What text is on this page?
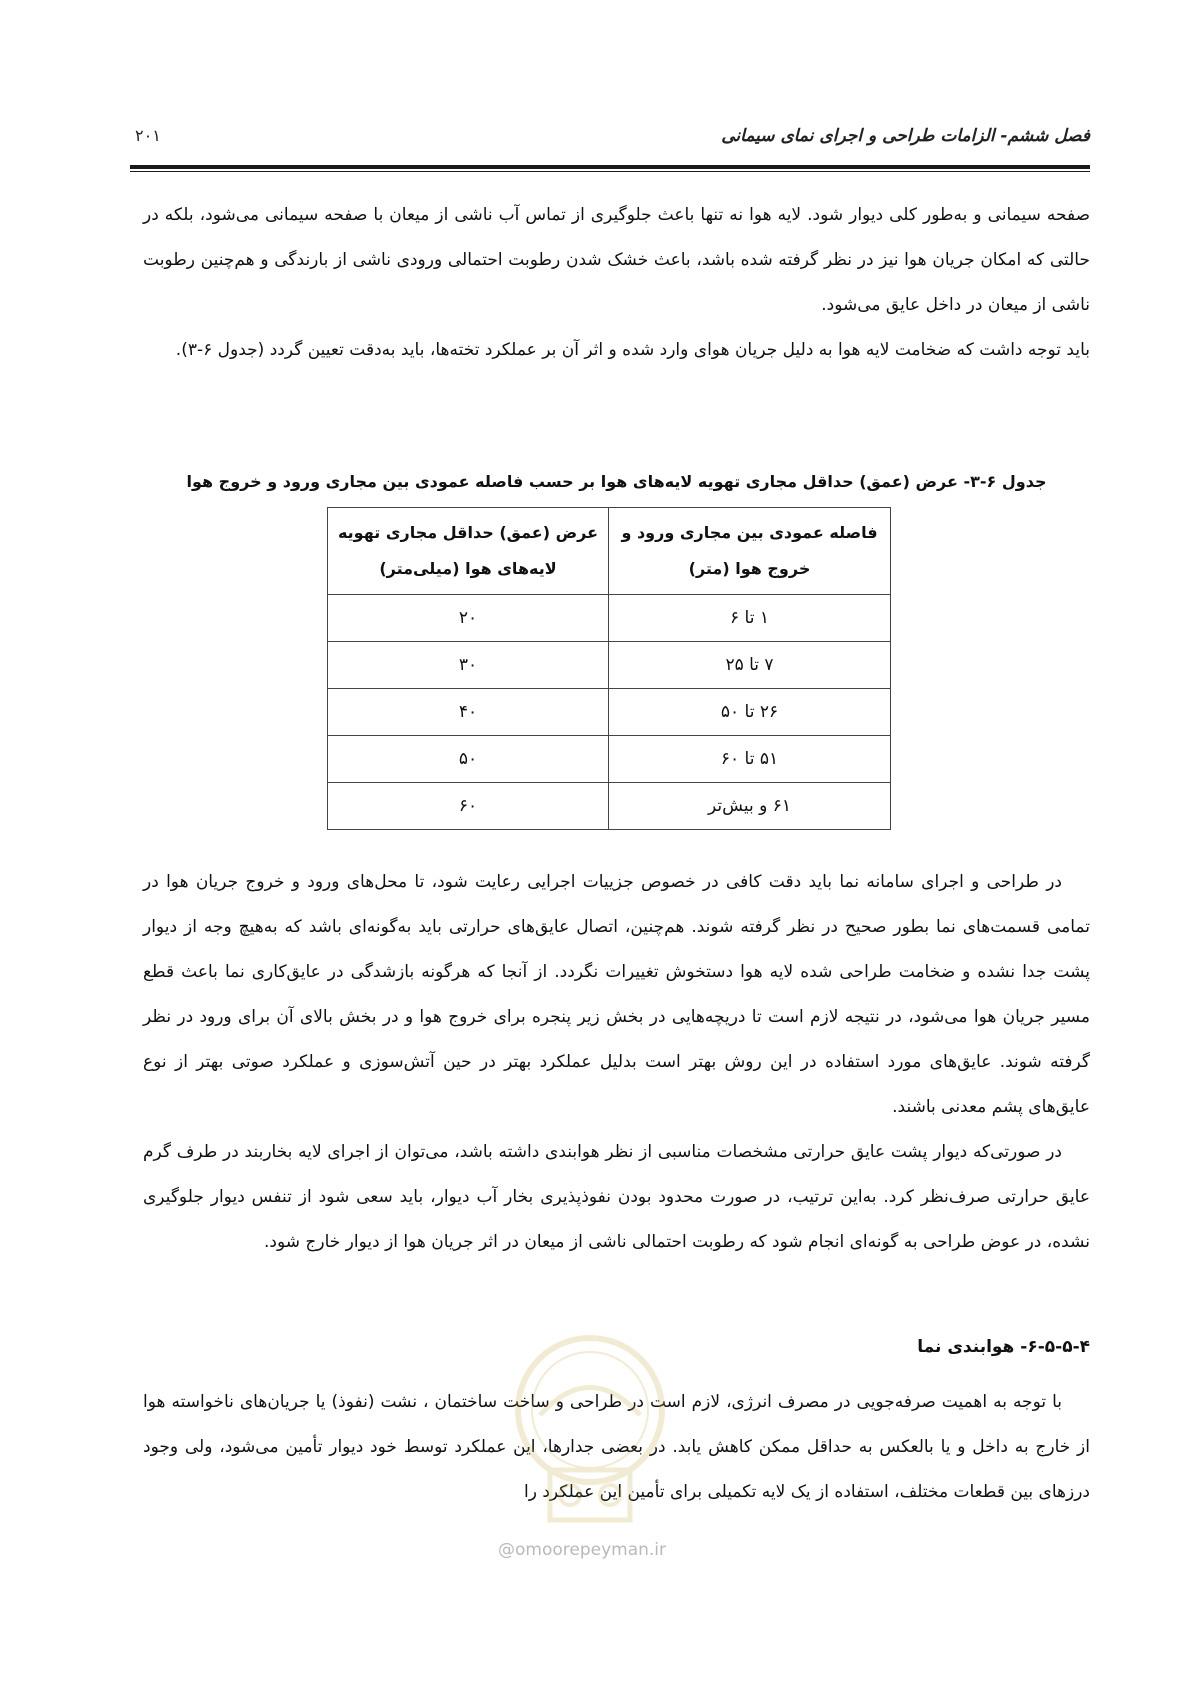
فصل ششم- الزامات طراحی و اجرای نمای سیمانی
۲۰۱

صفحه سیمانی و به‌طور کلی دیوار شود. لایه هوا نه تنها باعث جلوگیری از تماس آب ناشی از میعان با صفحه سیمانی می‌شود، بلکه در حالتی که امکان جریان هوا نیز در نظر گرفته شده باشد، باعث خشک شدن رطوبت احتمالی ورودی ناشی از بارندگی و هم‌چنین رطوبت ناشی از میعان در داخل عایق می‌شود.

باید توجه داشت که ضخامت لایه هوا به دلیل جریان هوای وارد شده و اثر آن بر عملکرد تخته‌ها، باید به‌دقت تعیین گردد (جدول ۶-۳).

جدول ۶-۳- عرض (عمق) حداقل مجاری تهویه لایه‌های هوا بر حسب فاصله عمودی بین مجاری ورود و خروج هوا
فاصله عمودی بین مجاری ورود و خروج هوا (متر)	عرض (عمق) حداقل مجاری تهویه لایه‌های هوا (میلی‌متر)
۱ تا ۶	۲۰
۷ تا ۲۵	۳۰
۲۶ تا ۵۰	۴۰
۵۱ تا ۶۰	۵۰
۶۱ و بیش‌تر	۶۰

در طراحی و اجرای سامانه نما باید دقت کافی در خصوص جزییات اجرایی رعایت شود، تا محل‌های ورود و خروج جریان هوا در تمامی قسمت‌های نما بطور صحیح در نظر گرفته شوند. هم‌چنین، اتصال عایق‌های حرارتی باید به‌گونه‌ای باشد که به‌هیچ وجه از دیوار پشت جدا نشده و ضخامت طراحی شده لایه هوا دستخوش تغییرات نگردد. از آنجا که هرگونه بازشدگی در عایق‌کاری نما باعث قطع مسیر جریان هوا می‌شود، در نتیجه لازم است تا دریچه‌هایی در بخش زیر پنجره برای خروج هوا و در بخش بالای آن برای ورود در نظر گرفته شوند. عایق‌های مورد استفاده در این روش بهتر است بدلیل عملکرد بهتر در حین آتش‌سوزی و عملکرد صوتی بهتر از نوع عایق‌های پشم معدنی باشند.

در صورتی‌که دیوار پشت عایق حرارتی مشخصات مناسبی از نظر هوابندی داشته باشد، می‌توان از اجرای لایه بخاربند در طرف گرم عایق حرارتی صرف‌نظر کرد. به‌این ترتیب، در صورت محدود بودن نفوذپذیری بخار آب دیوار، باید سعی شود از تنفس دیوار جلوگیری نشده، در عوض طراحی به گونه‌ای انجام شود که رطوبت احتمالی ناشی از میعان در اثر جریان هوا از دیوار خارج شود.

۶-۵-۵-۴- هوابندی نما

با توجه به اهمیت صرفه‌جویی در مصرف انرژی، لازم است در طراحی و ساخت ساختمان ، نشت (نفوذ) یا جریان‌های ناخواسته هوا از خارج به داخل و یا بالعکس به حداقل ممکن کاهش یابد. در بعضی جدارها، این عملکرد توسط خود دیوار تأمین می‌شود، ولی وجود درزهای بین قطعات مختلف، استفاده از یک لایه تکمیلی برای تأمین این عملکرد را

@omoorepeyman.ir
